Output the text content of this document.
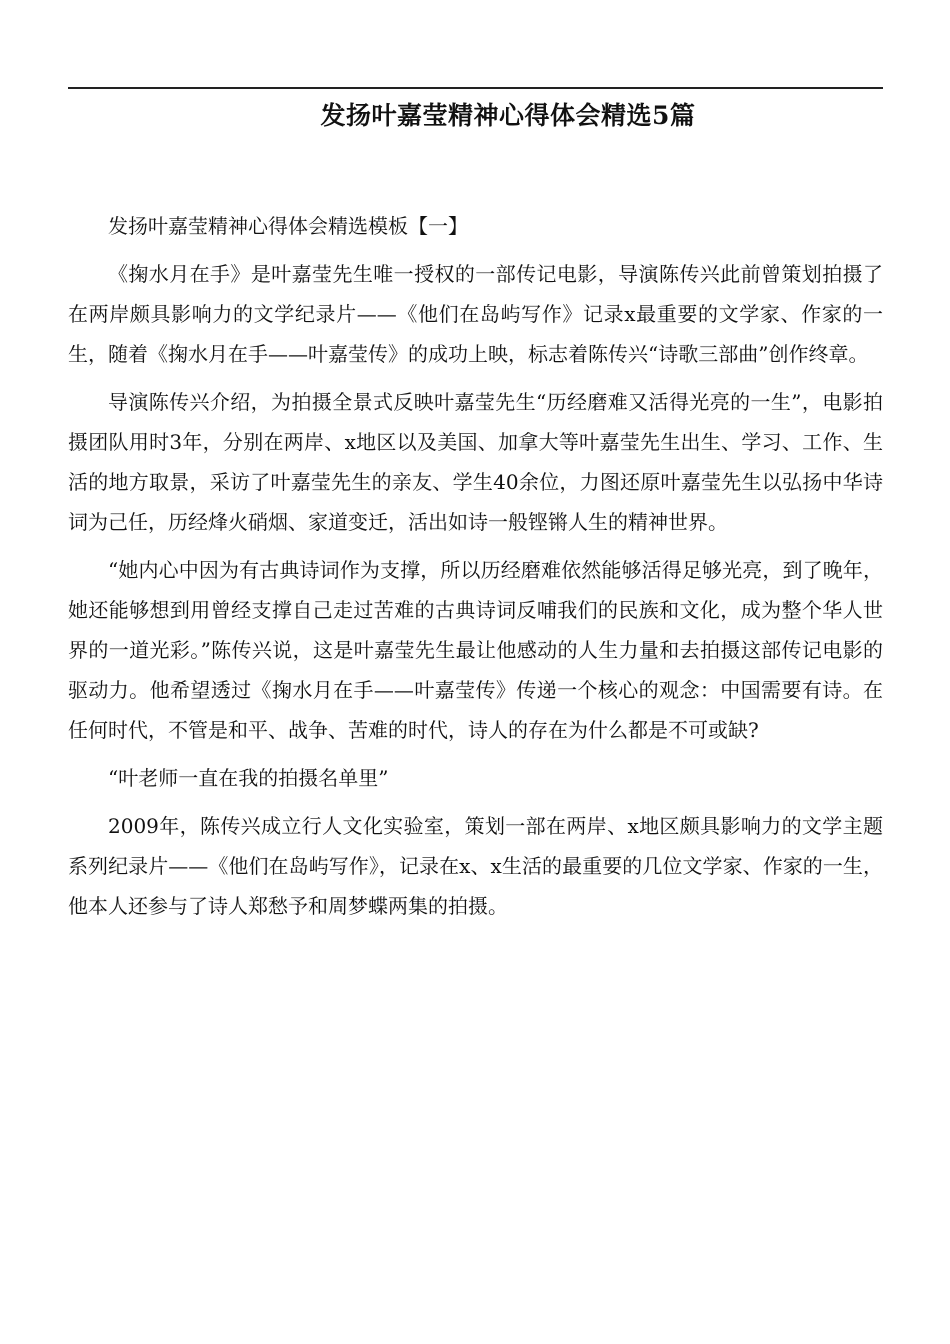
发扬叶嘉莹精神心得体会精选5篇

发扬叶嘉莹精神心得体会精选模板【一】

《掬水月在手》是叶嘉莹先生唯一授权的一部传记电影，导演陈传兴此前曾策划拍摄了在两岸颇具影响力的文学纪录片——《他们在岛屿写作》记录x最重要的文学家、作家的一生，随着《掬水月在手——叶嘉莹传》的成功上映，标志着陈传兴“诗歌三部曲”创作终章。

导演陈传兴介绍，为拍摄全景式反映叶嘉莹先生“历经磨难又活得光亮的一生”，电影拍摄团队用时3年，分别在两岸、x地区以及美国、加拿大等叶嘉莹先生出生、学习、工作、生活的地方取景，采访了叶嘉莹先生的亲友、学生40余位，力图还原叶嘉莹先生以弘扬中华诗词为己任，历经烽火硝烟、家道变迁，活出如诗一般铿锵人生的精神世界。

“她内心中因为有古典诗词作为支撑，所以历经磨难依然能够活得足够光亮，到了晚年，她还能够想到用曾经支撑自己走过苦难的古典诗词反哺我们的民族和文化，成为整个华人世界的一道光彩。”陈传兴说，这是叶嘉莹先生最让他感动的人生力量和去拍摄这部传记电影的驱动力。他希望透过《掬水月在手——叶嘉莹传》传递一个核心的观念：中国需要有诗。在任何时代，不管是和平、战争、苦难的时代，诗人的存在为什么都是不可或缺?

“叶老师一直在我的拍摄名单里”

2009年，陈传兴成立行人文化实验室，策划一部在两岸、x地区颇具影响力的文学主题系列纪录片——《他们在岛屿写作》，记录在x、x生活的最重要的几位文学家、作家的一生，他本人还参与了诗人郑愁予和周梦蝶两集的拍摄。
